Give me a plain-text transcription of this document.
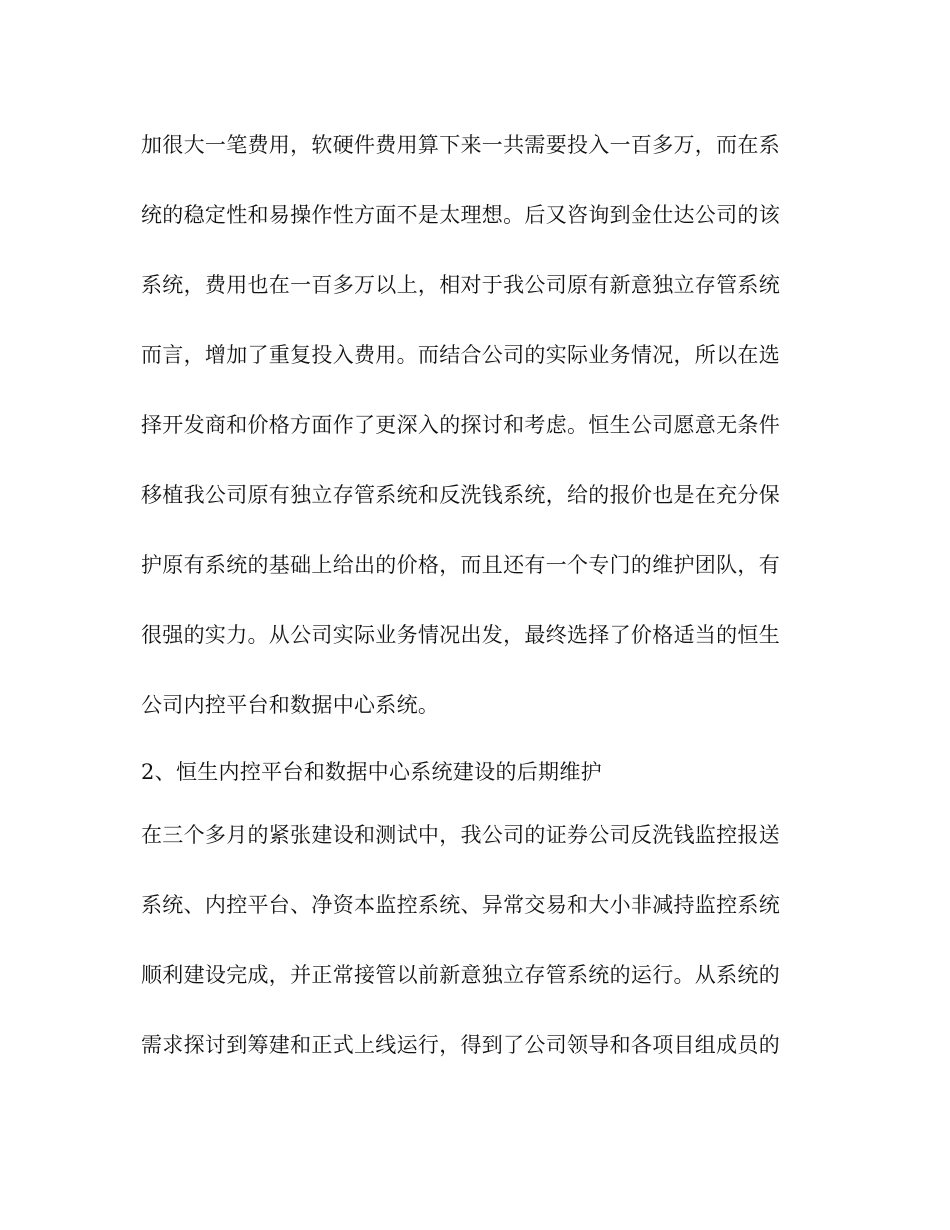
加很大一笔费用，软硬件费用算下来一共需要投入一百多万，而在系
统的稳定性和易操作性方面不是太理想。后又咨询到金仕达公司的该
系统，费用也在一百多万以上，相对于我公司原有新意独立存管系统
而言，增加了重复投入费用。而结合公司的实际业务情况，所以在选
择开发商和价格方面作了更深入的探讨和考虑。恒生公司愿意无条件
移植我公司原有独立存管系统和反洗钱系统，给的报价也是在充分保
护原有系统的基础上给出的价格，而且还有一个专门的维护团队，有
很强的实力。从公司实际业务情况出发，最终选择了价格适当的恒生
公司内控平台和数据中心系统。
2、恒生内控平台和数据中心系统建设的后期维护
在三个多月的紧张建设和测试中，我公司的证券公司反洗钱监控报送
系统、内控平台、净资本监控系统、异常交易和大小非减持监控系统
顺利建设完成，并正常接管以前新意独立存管系统的运行。从系统的
需求探讨到筹建和正式上线运行，得到了公司领导和各项目组成员的
